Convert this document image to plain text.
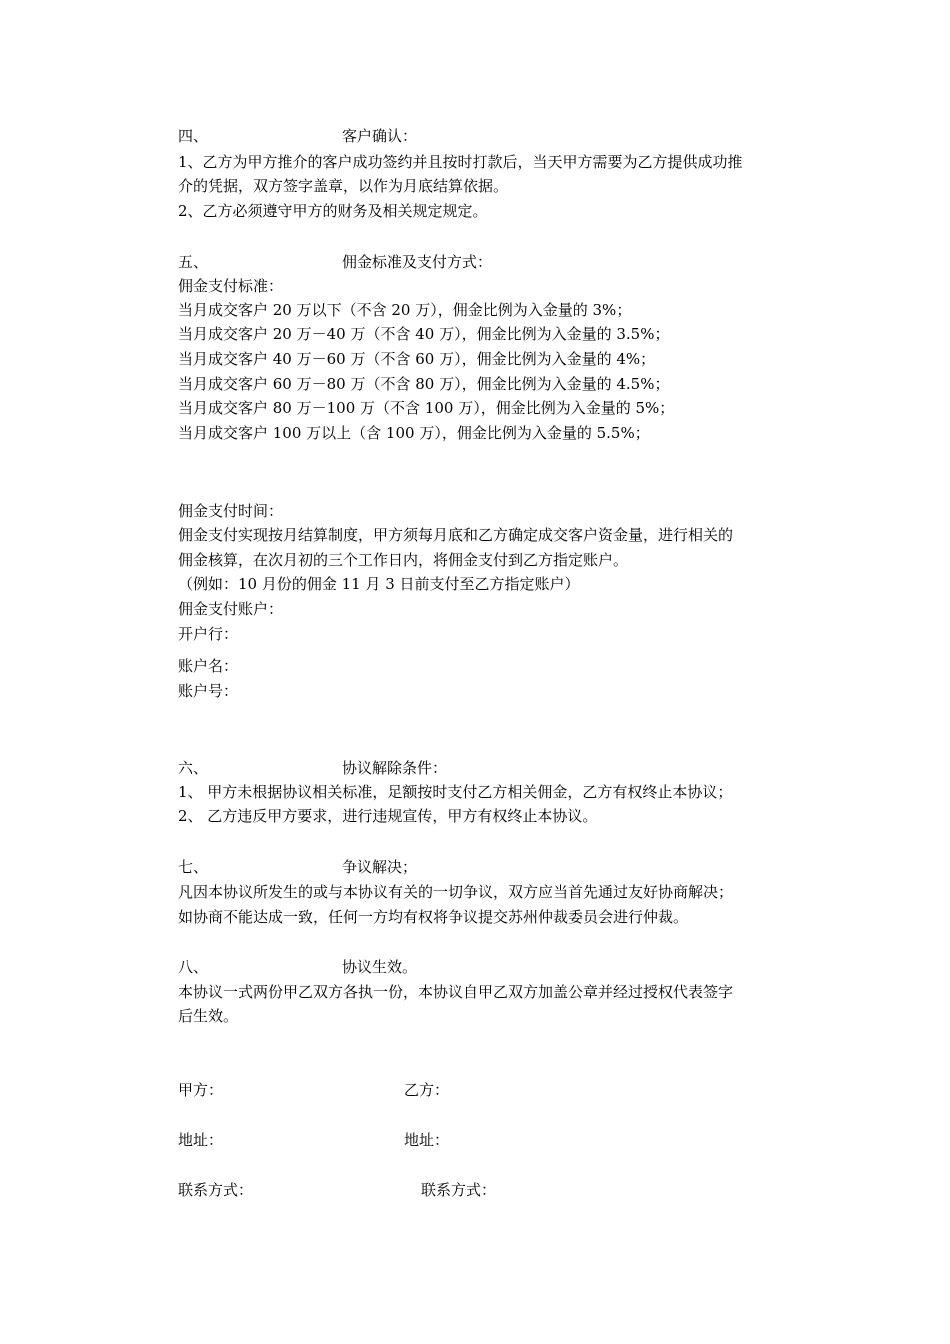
四、	客户确认：
1、乙方为甲方推介的客户成功签约并且按时打款后，当天甲方需要为乙方提供成功推
介的凭据，双方签字盖章，以作为月底结算依据。
2、乙方必须遵守甲方的财务及相关规定规定。
五、	佣金标准及支付方式：
佣金支付标准：
当月成交客户 20 万以下（不含 20 万），佣金比例为入金量的 3%；
当月成交客户 20 万－40 万（不含 40 万），佣金比例为入金量的 3.5%；
当月成交客户 40 万－60 万（不含 60 万），佣金比例为入金量的 4%；
当月成交客户 60 万－80 万（不含 80 万），佣金比例为入金量的 4.5%；
当月成交客户 80 万－100 万（不含 100 万），佣金比例为入金量的 5%；
当月成交客户 100 万以上（含 100 万），佣金比例为入金量的 5.5%；
佣金支付时间：
佣金支付实现按月结算制度，甲方须每月底和乙方确定成交客户资金量，进行相关的
佣金核算，在次月初的三个工作日内，将佣金支付到乙方指定账户。
（例如：10 月份的佣金 11 月 3 日前支付至乙方指定账户）
佣金支付账户：
开户行：
账户名：
账户号：
六、	协议解除条件：
1、 甲方未根据协议相关标准，足额按时支付乙方相关佣金，乙方有权终止本协议；
2、 乙方违反甲方要求，进行违规宣传，甲方有权终止本协议。
七、	争议解决；
凡因本协议所发生的或与本协议有关的一切争议，双方应当首先通过友好协商解决；
如协商不能达成一致，任何一方均有权将争议提交苏州仲裁委员会进行仲裁。
八、	协议生效。
本协议一式两份甲乙双方各执一份，本协议自甲乙双方加盖公章并经过授权代表签字
后生效。
甲方：	乙方：
地址：	地址：
联系方式：	联系方式：
